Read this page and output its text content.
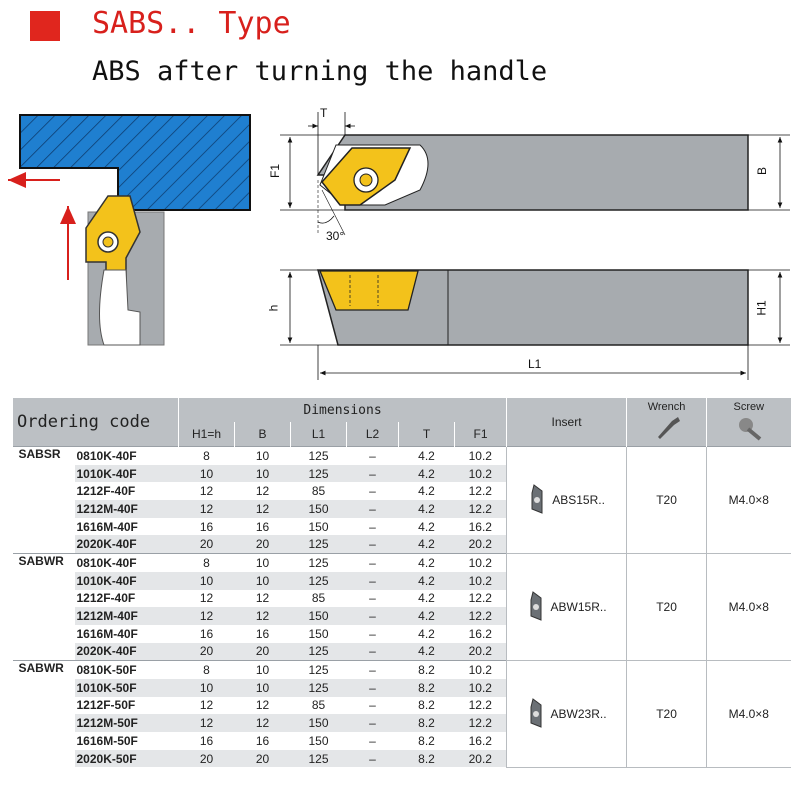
SABS.. Type
ABS after turning the handle
T
F1	B
30°
h	H1
L1
Ordering code		Dimensions						Insert	Wrench	Screw

		H1=h	B	L1	L2	T	F1			
SABSR	0810K-40F	8	10	125	–	4.2	10.2	ABS15R..	T20	M4.0×8
	1010K-40F	10	10	125	–	4.2	10.2			
	1212F-40F	12	12	85	–	4.2	12.2			
	1212M-40F	12	12	150	–	4.2	12.2			
	1616M-40F	16	16	150	–	4.2	16.2			
	2020K-40F	20	20	125	–	4.2	20.2			
SABWR	0810K-40F	8	10	125	–	4.2	10.2	ABW15R..	T20	M4.0×8
	1010K-40F	10	10	125	–	4.2	10.2			
	1212F-40F	12	12	85	–	4.2	12.2			
	1212M-40F	12	12	150	–	4.2	12.2			
	1616M-40F	16	16	150	–	4.2	16.2			
	2020K-40F	20	20	125	–	4.2	20.2			
SABWR	0810K-50F	8	10	125	–	8.2	10.2	ABW23R..	T20	M4.0×8
	1010K-50F	10	10	125	–	8.2	10.2			
	1212F-50F	12	12	85	–	8.2	12.2			
	1212M-50F	12	12	150	–	8.2	12.2			
	1616M-50F	16	16	150	–	8.2	16.2			
	2020K-50F	20	20	125	–	8.2	20.2			
